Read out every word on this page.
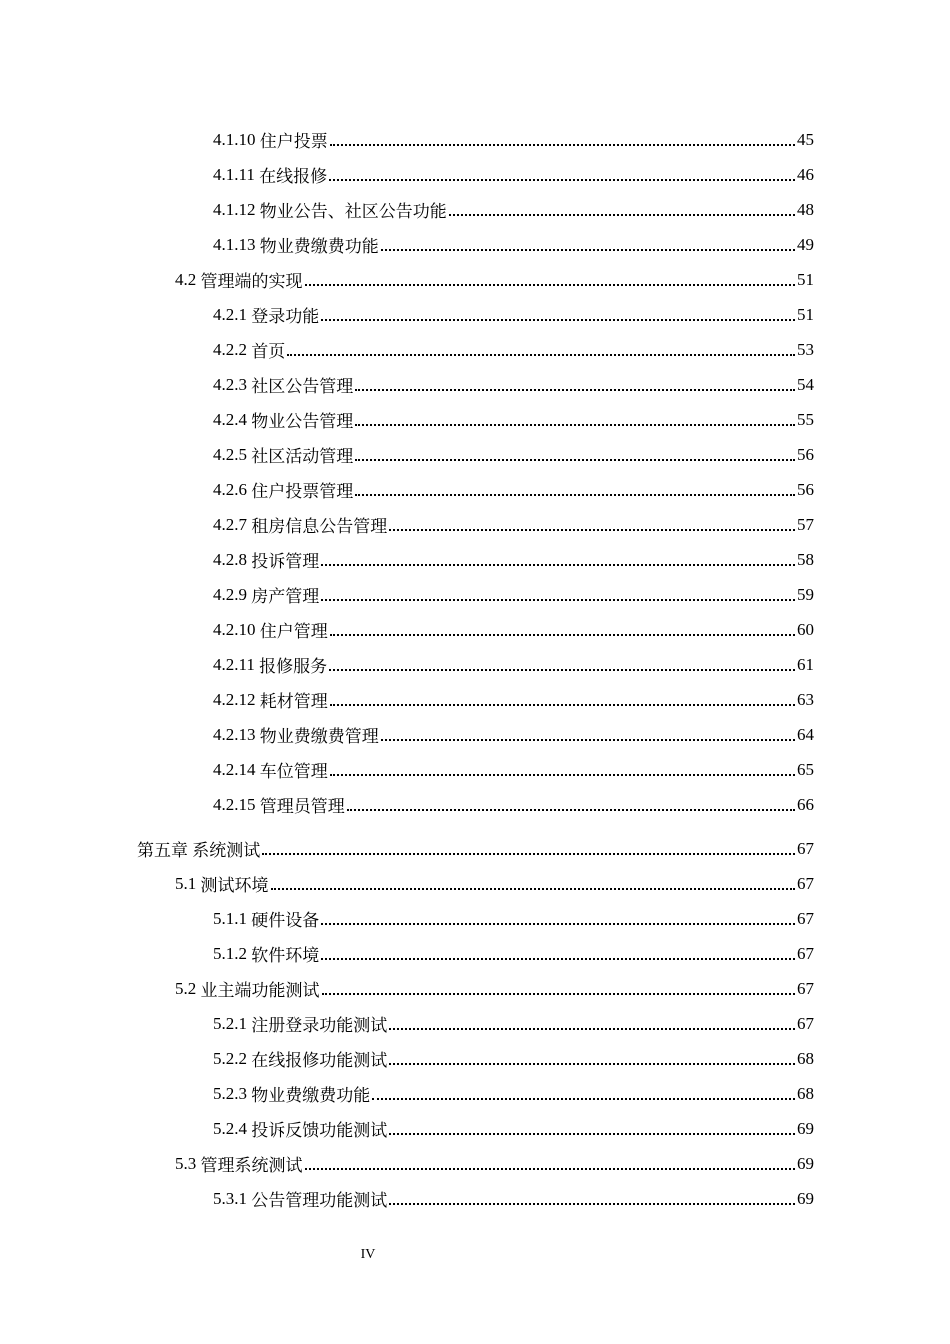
4.1.10 住户投票	45
4.1.11 在线报修	46
4.1.12 物业公告、社区公告功能	48
4.1.13 物业费缴费功能	49
4.2 管理端的实现	51
4.2.1 登录功能	51
4.2.2 首页	53
4.2.3 社区公告管理	54
4.2.4 物业公告管理	55
4.2.5 社区活动管理	56
4.2.6 住户投票管理	56
4.2.7 租房信息公告管理	57
4.2.8 投诉管理	58
4.2.9 房产管理	59
4.2.10 住户管理	60
4.2.11 报修服务	61
4.2.12 耗材管理	63
4.2.13 物业费缴费管理	64
4.2.14 车位管理	65
4.2.15 管理员管理	66
第五章 系统测试	67
5.1 测试环境	67
5.1.1 硬件设备	67
5.1.2 软件环境	67
5.2 业主端功能测试	67
5.2.1 注册登录功能测试	67
5.2.2 在线报修功能测试	68
5.2.3 物业费缴费功能	68
5.2.4 投诉反馈功能测试	69
5.3 管理系统测试	69
5.3.1 公告管理功能测试	69
IV
